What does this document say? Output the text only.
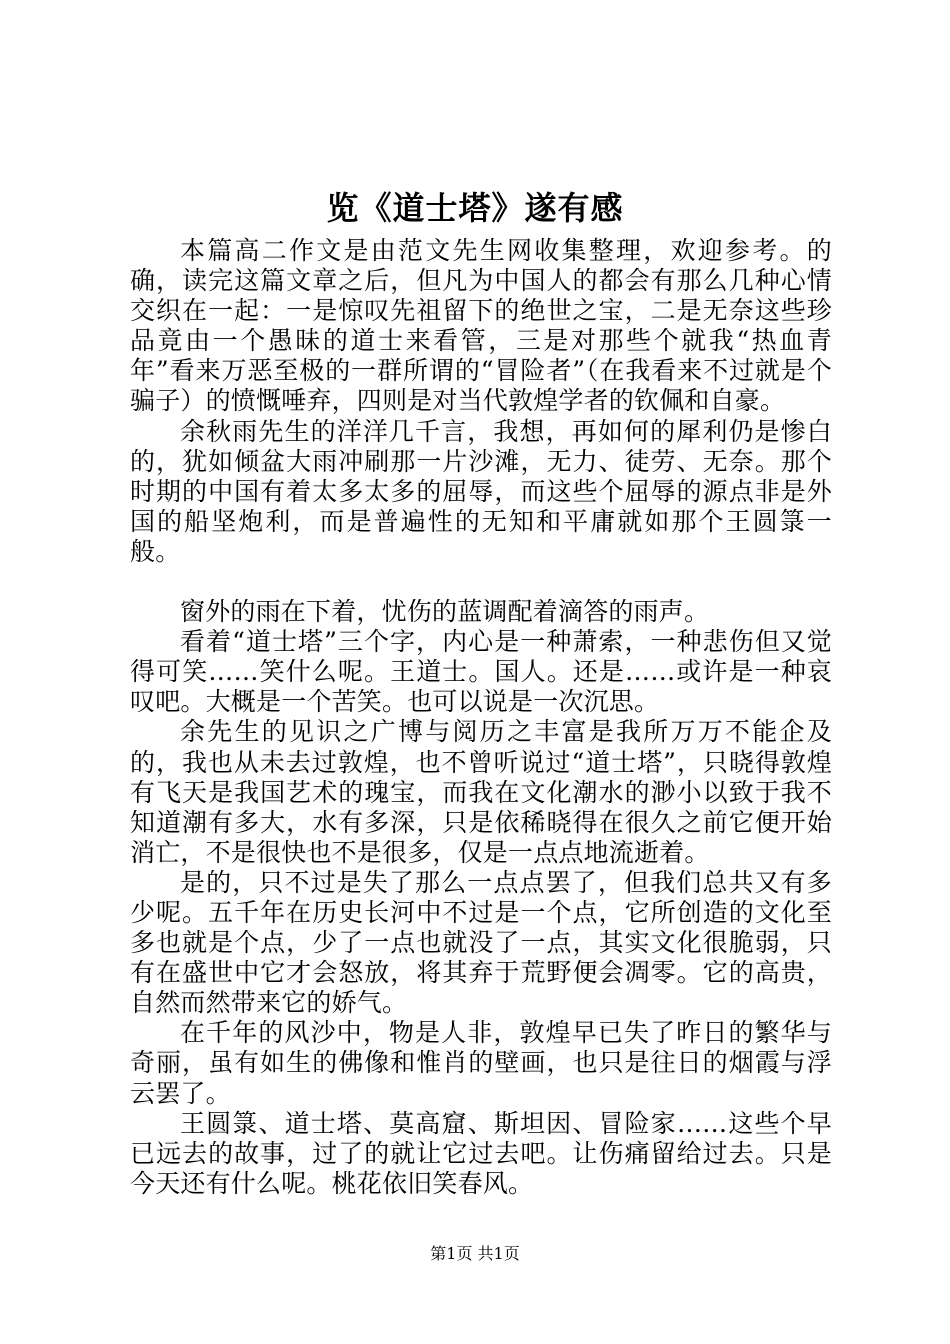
览《道士塔》遂有感

本篇高二作文是由范文先生网收集整理，欢迎参考。的确，读完这篇文章之后，但凡为中国人的都会有那么几种心情交织在一起：一是惊叹先祖留下的绝世之宝，二是无奈这些珍品竟由一个愚昧的道士来看管，三是对那些个就我“热血青年”看来万恶至极的一群所谓的“冒险者”（在我看来不过就是个骗子）的愤慨唾弃，四则是对当代敦煌学者的钦佩和自豪。

余秋雨先生的洋洋几千言，我想，再如何的犀利仍是惨白的，犹如倾盆大雨冲刷那一片沙滩，无力、徒劳、无奈。那个时期的中国有着太多太多的屈辱，而这些个屈辱的源点非是外国的船坚炮利，而是普遍性的无知和平庸就如那个王圆箓一般。

窗外的雨在下着，忧伤的蓝调配着滴答的雨声。

看着“道士塔”三个字，内心是一种萧索，一种悲伤但又觉得可笑……笑什么呢。王道士。国人。还是……或许是一种哀叹吧。大概是一个苦笑。也可以说是一次沉思。

余先生的见识之广博与阅历之丰富是我所万万不能企及的，我也从未去过敦煌，也不曾听说过“道士塔”，只晓得敦煌有飞天是我国艺术的瑰宝，而我在文化潮水的渺小以致于我不知道潮有多大，水有多深，只是依稀晓得在很久之前它便开始消亡，不是很快也不是很多，仅是一点点地流逝着。

是的，只不过是失了那么一点点罢了，但我们总共又有多少呢。五千年在历史长河中不过是一个点，它所创造的文化至多也就是个点，少了一点也就没了一点，其实文化很脆弱，只有在盛世中它才会怒放，将其弃于荒野便会凋零。它的高贵，自然而然带来它的娇气。

在千年的风沙中，物是人非，敦煌早已失了昨日的繁华与奇丽，虽有如生的佛像和惟肖的壁画，也只是往日的烟霞与浮云罢了。

王圆箓、道士塔、莫高窟、斯坦因、冒险家……这些个早已远去的故事，过了的就让它过去吧。让伤痛留给过去。只是今天还有什么呢。桃花依旧笑春风。

第1页 共1页
